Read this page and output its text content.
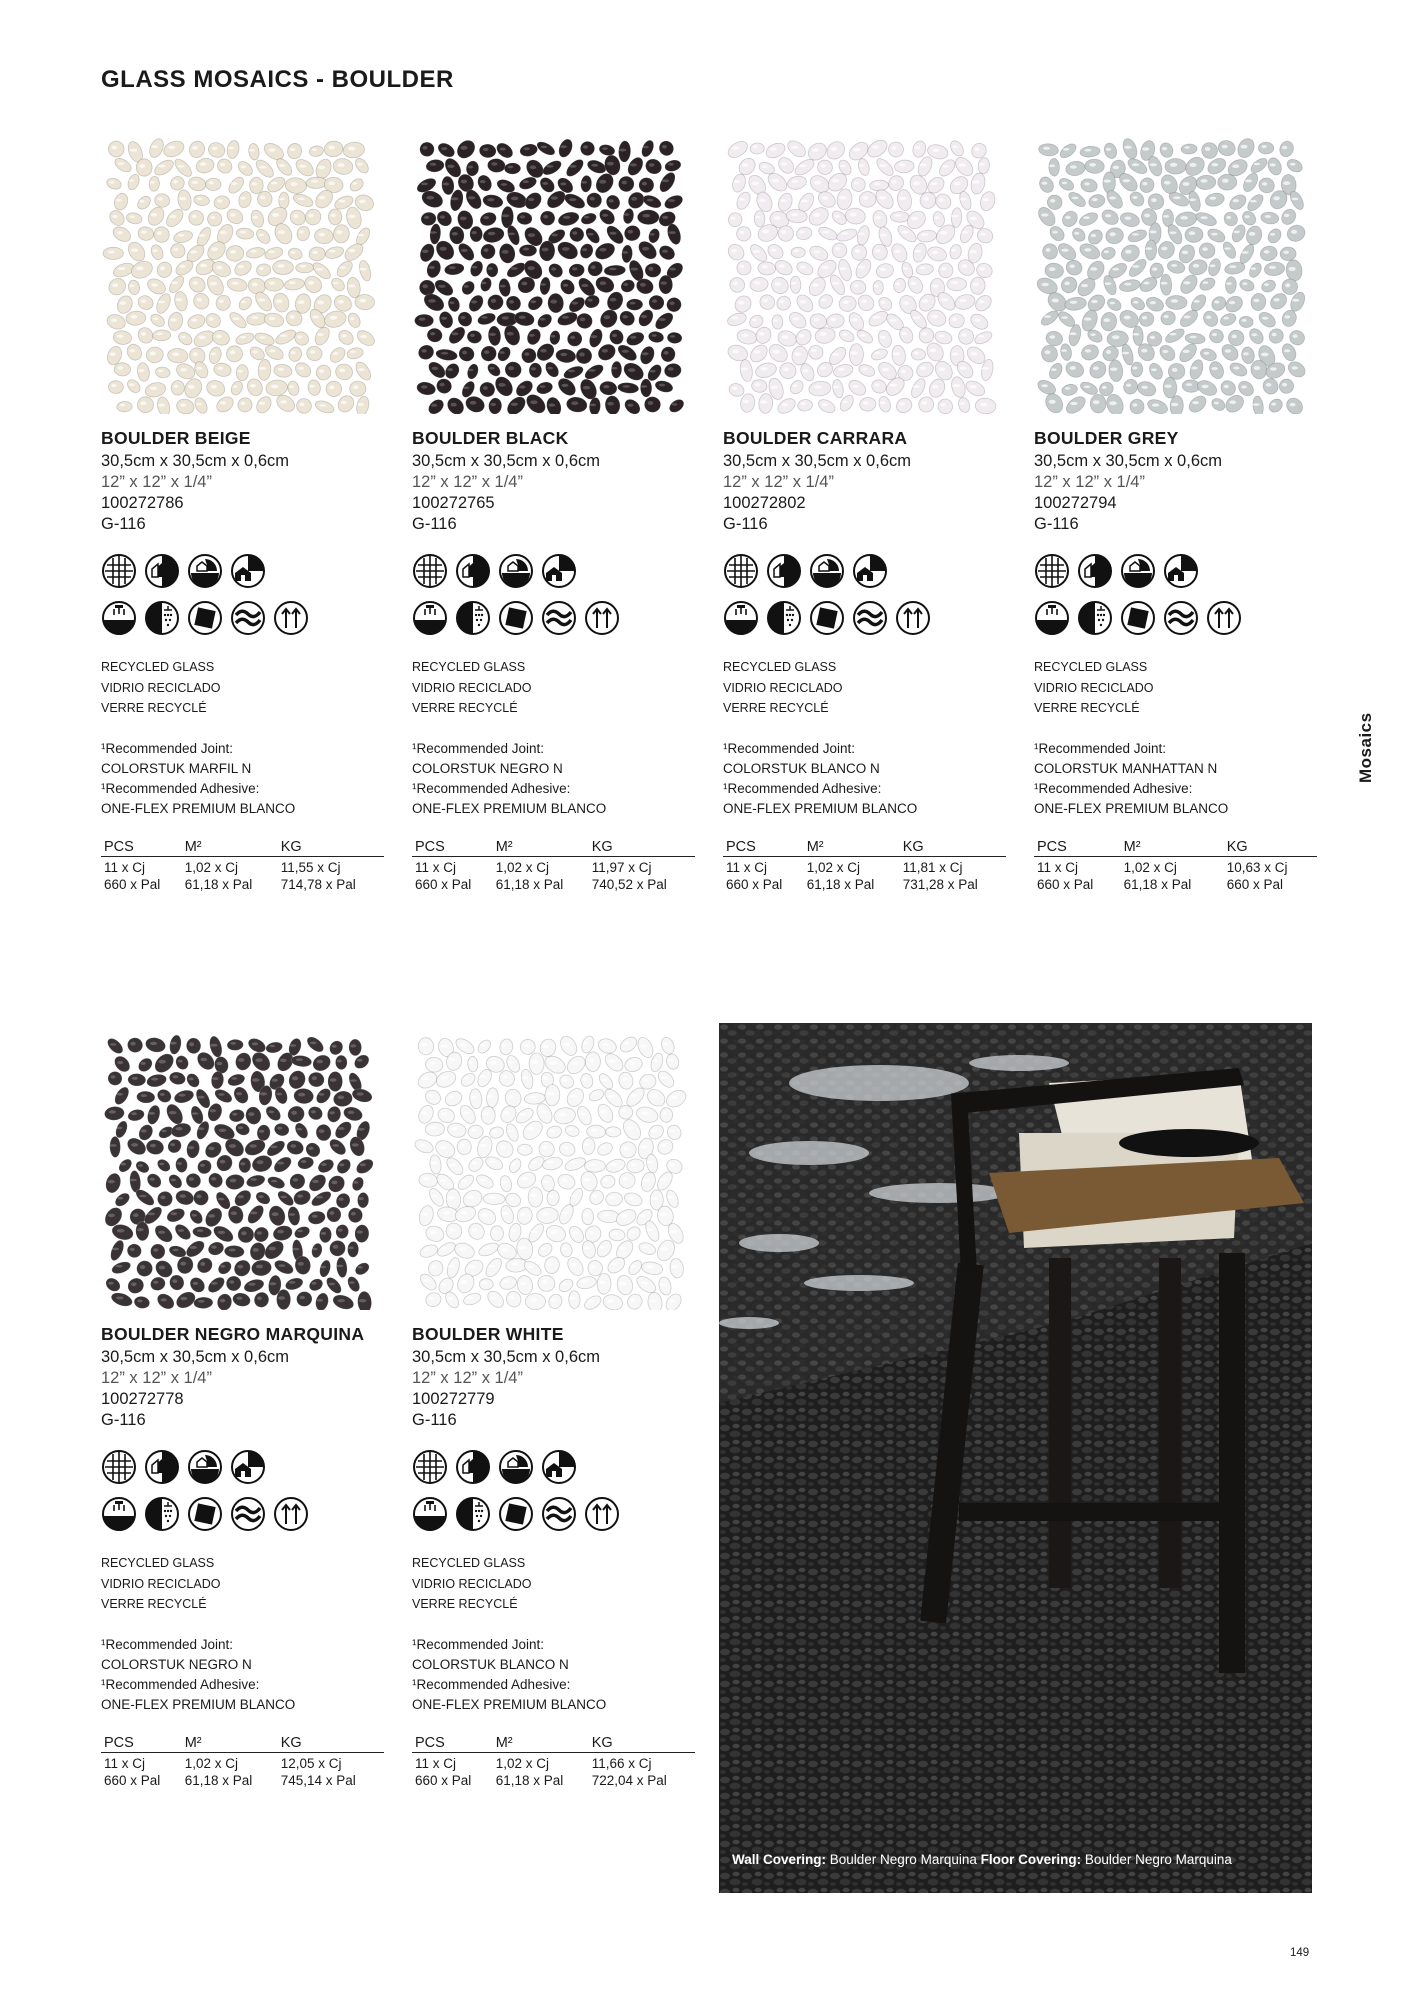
GLASS MOSAICS - BOULDER
BOULDER BEIGE
30,5cm x 30,5cm x 0,6cm
12” x 12” x 1/4”
100272786
G-116
RECYCLED GLASS
VIDRIO RECICLADO
VERRE RECYCLÉ
¹Recommended Joint:
COLORSTUK MARFIL N
¹Recommended Adhesive:
ONE-FLEX PREMIUM BLANCO
PCS	M²	KG
11 x Cj	1,02 x Cj	11,55 x Cj
660 x Pal	61,18 x Pal	714,78 x Pal
BOULDER BLACK
30,5cm x 30,5cm x 0,6cm
12” x 12” x 1/4”
100272765
G-116
RECYCLED GLASS
VIDRIO RECICLADO
VERRE RECYCLÉ
¹Recommended Joint:
COLORSTUK NEGRO N
¹Recommended Adhesive:
ONE-FLEX PREMIUM BLANCO
PCS	M²	KG
11 x Cj	1,02 x Cj	11,97 x Cj
660 x Pal	61,18 x Pal	740,52 x Pal
BOULDER CARRARA
30,5cm x 30,5cm x 0,6cm
12” x 12” x 1/4”
100272802
G-116
RECYCLED GLASS
VIDRIO RECICLADO
VERRE RECYCLÉ
¹Recommended Joint:
COLORSTUK BLANCO N
¹Recommended Adhesive:
ONE-FLEX PREMIUM BLANCO
PCS	M²	KG
11 x Cj	1,02 x Cj	11,81 x Cj
660 x Pal	61,18 x Pal	731,28 x Pal
BOULDER GREY
30,5cm x 30,5cm x 0,6cm
12” x 12” x 1/4”
100272794
G-116
RECYCLED GLASS
VIDRIO RECICLADO
VERRE RECYCLÉ
¹Recommended Joint:
COLORSTUK MANHATTAN N
¹Recommended Adhesive:
ONE-FLEX PREMIUM BLANCO
PCS	M²	KG
11 x Cj	1,02 x Cj	10,63 x Cj
660 x Pal	61,18 x Pal	660 x Pal
BOULDER NEGRO MARQUINA
30,5cm x 30,5cm x 0,6cm
12” x 12” x 1/4”
100272778
G-116
RECYCLED GLASS
VIDRIO RECICLADO
VERRE RECYCLÉ
¹Recommended Joint:
COLORSTUK NEGRO N
¹Recommended Adhesive:
ONE-FLEX PREMIUM BLANCO
PCS	M²	KG
11 x Cj	1,02 x Cj	12,05 x Cj
660 x Pal	61,18 x Pal	745,14 x Pal
BOULDER WHITE
30,5cm x 30,5cm x 0,6cm
12” x 12” x 1/4”
100272779
G-116
RECYCLED GLASS
VIDRIO RECICLADO
VERRE RECYCLÉ
¹Recommended Joint:
COLORSTUK BLANCO N
¹Recommended Adhesive:
ONE-FLEX PREMIUM BLANCO
PCS	M²	KG
11 x Cj	1,02 x Cj	11,66 x Cj
660 x Pal	61,18 x Pal	722,04 x Pal
Wall Covering: Boulder Negro Marquina Floor Covering: Boulder Negro Marquina
Mosaics
149
